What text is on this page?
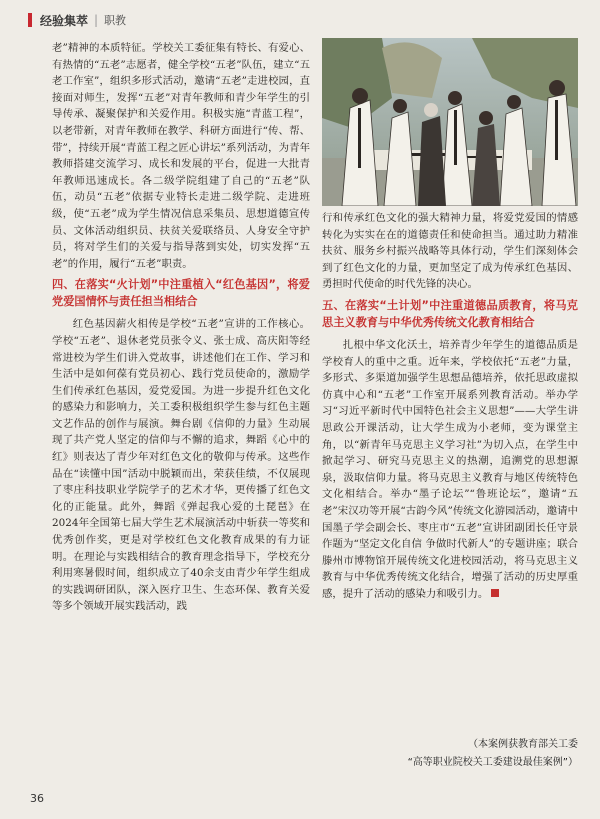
经验集萃 | 职教

老”精神的本质特征。学校关工委征集有特长、有爱心、有热情的“五老”志愿者，健全学校“五老”队伍，建立“五老工作室”，组织多形式活动，邀请“五老”走进校园，直接面对师生，发挥“五老”对青年教师和青少年学生的引导传承、凝聚保护和关爱作用。积极实施“青蓝工程”，以老带新，对青年教师在教学、科研方面进行“传、帮、带”，持续开展“青蓝工程之匠心讲坛”系列活动，为青年教师搭建交流学习、成长和发展的平台，促进一大批青年教师迅速成长。各二级学院组建了自己的“五老”队伍，动员“五老”依据专业特长走进二级学院、走进班级，使“五老”成为学生情况信息采集员、思想道德宣传员、文体活动组织员、扶贫关爱联络员、人身安全守护员，将对学生们的关爱与指导落到实处，切实发挥“五老”的作用，履行“五老”职责。

四、在落实“火计划”中注重植入“红色基因”，将爱党爱国情怀与责任担当相结合

红色基因薪火相传是学校“五老”宣讲的工作核心。学校“五老”、退休老党员张令义、张士成、高庆阳等经常进校为学生们讲入党故事，讲述他们在工作、学习和生活中是如何葆有党员初心、践行党员使命的，激励学生们传承红色基因，爱党爱国。为进一步提升红色文化的感染力和影响力，关工委积极组织学生参与红色主题文艺作品的创作与展演。舞台剧《信仰的力量》生动展现了共产党人坚定的信仰与不懈的追求，舞蹈《心中的红》则表达了青少年对红色文化的敬仰与传承。这些作品在“读懂中国”活动中脱颖而出，荣获佳绩，不仅展现了枣庄科技职业学院学子的艺术才华，更传播了红色文化的正能量。此外，舞蹈《弹起我心爱的土琵琶》在2024年全国第七届大学生艺术展演活动中斩获一等奖和优秀创作奖，更是对学校红色文化教育成果的有力证明。在理论与实践相结合的教育理念指导下，学校充分利用寒暑假时间，组织成立了40余支由青少年学生组成的实践调研团队，深入医疗卫生、生态环保、教育关爱等多个领域开展实践活动，践

行和传承红色文化的强大精神力量，将爱党爱国的情感转化为实实在在的道德责任和使命担当。通过助力精准扶贫、服务乡村振兴战略等具体行动，学生们深刻体会到了红色文化的力量，更加坚定了成为传承红色基因、勇担时代使命的时代先锋的决心。

五、在落实“土计划”中注重道德品质教育，将马克思主义教育与中华优秀传统文化教育相结合

扎根中华文化沃土，培养青少年学生的道德品质是学校育人的重中之重。近年来，学校依托“五老”力量，多形式、多渠道加强学生思想品德培养，依托思政虚拟仿真中心和“五老”工作室开展系列教育活动。举办学习“习近平新时代中国特色社会主义思想”——大学生讲思政公开课活动，让大学生成为小老师，变为课堂主角，以“新青年马克思主义学习社”为切入点，在学生中掀起学习、研究马克思主义的热潮，追溯党的思想源泉，汲取信仰力量。将马克思主义教育与地区传统特色文化相结合。举办“墨子论坛”“鲁班论坛”，邀请“五老”宋汉功等开展“古韵今风”传统文化游园活动，邀请中国墨子学会副会长、枣庄市“五老”宣讲团副团长任守景作题为“坚定文化自信 争做时代新人”的专题讲座；联合滕州市博物馆开展传统文化进校园活动，将马克思主义教育与中华优秀传统文化结合，增强了活动的历史厚重感，提升了活动的感染力和吸引力。

（本案例获教育部关工委
“高等职业院校关工委建设最佳案例”）
36
